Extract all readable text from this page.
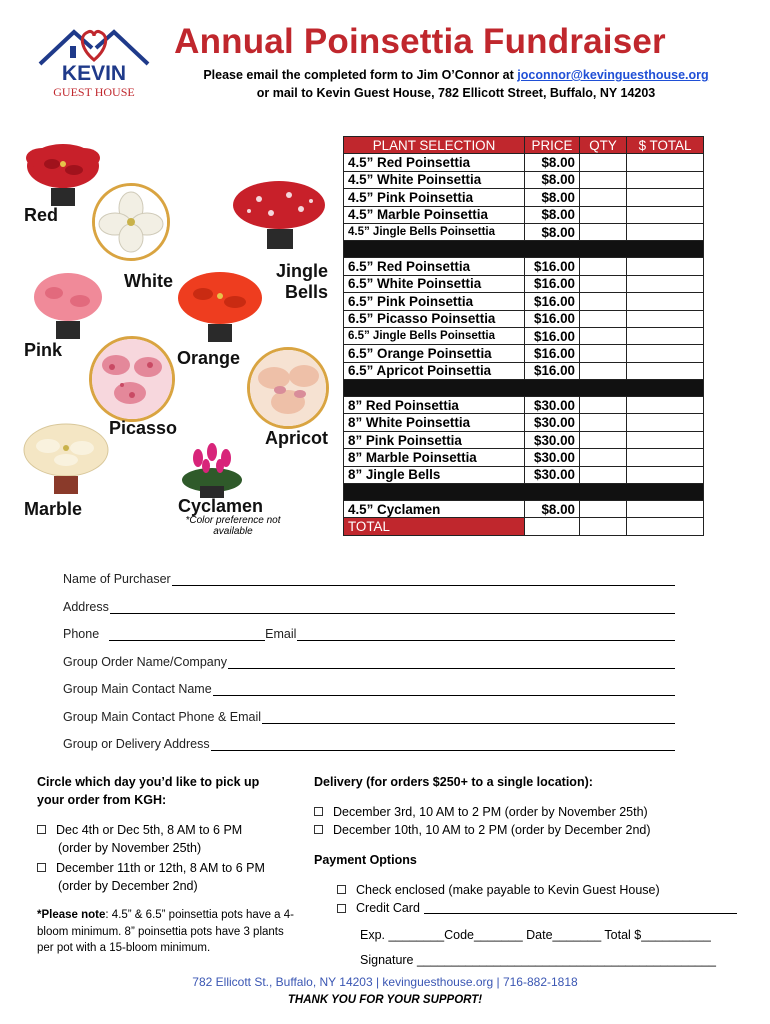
KEVIN
GUEST HOUSE
Annual Poinsettia Fundraiser
Please email the completed form to Jim O’Connor at joconnor@kevinguesthouse.org
or mail to Kevin Guest House, 782 Ellicott Street, Buffalo, NY 14203
Red
White	Jingle
Bells
Pink	Orange
Picasso	Apricot
Marble	Cyclamen
*Color preference not available
PLANT SELECTION	PRICE	QTY	$ TOTAL
4.5” Red Poinsettia	$8.00		
4.5” White Poinsettia	$8.00		
4.5” Pink Poinsettia	$8.00		
4.5” Marble Poinsettia	$8.00		
4.5” Jingle Bells Poinsettia	$8.00		

6.5” Red Poinsettia	$16.00		
6.5” White Poinsettia	$16.00		
6.5” Pink Poinsettia	$16.00		
6.5” Picasso Poinsettia	$16.00		
6.5” Jingle Bells Poinsettia	$16.00		
6.5” Orange Poinsettia	$16.00		
6.5” Apricot Poinsettia	$16.00		

8” Red Poinsettia	$30.00		
8” White Poinsettia	$30.00		
8” Pink Poinsettia	$30.00		
8” Marble Poinsettia	$30.00		
8” Jingle Bells	$30.00		

4.5” Cyclamen	$8.00		
TOTAL			
Name of Purchaser
Address
Phone	Email
Group Order Name/Company
Group Main Contact Name
Group Main Contact Phone & Email
Group or Delivery Address
Circle which day you’d like to pick up your order from KGH:
Dec 4th or Dec 5th, 8 AM to 6 PM
(order by November 25th)
December 11th or 12th, 8 AM to 6 PM
(order by December 2nd)
*Please note: 4.5” & 6.5” poinsettia pots have a 4-bloom minimum. 8” poinsettia pots have 3 plants per pot with a 15-bloom minimum.
Delivery (for orders $250+ to a single location):
December 3rd, 10 AM to 2 PM (order by November 25th)
December 10th, 10 AM to 2 PM (order by December 2nd)
Payment Options
Check enclosed (make payable to Kevin Guest House)
Credit Card
Exp. ________Code_______ Date_______ Total $__________
Signature ___________________________________________
782 Ellicott St., Buffalo, NY 14203 | kevinguesthouse.org | 716-882-1818
THANK YOU FOR YOUR SUPPORT!
